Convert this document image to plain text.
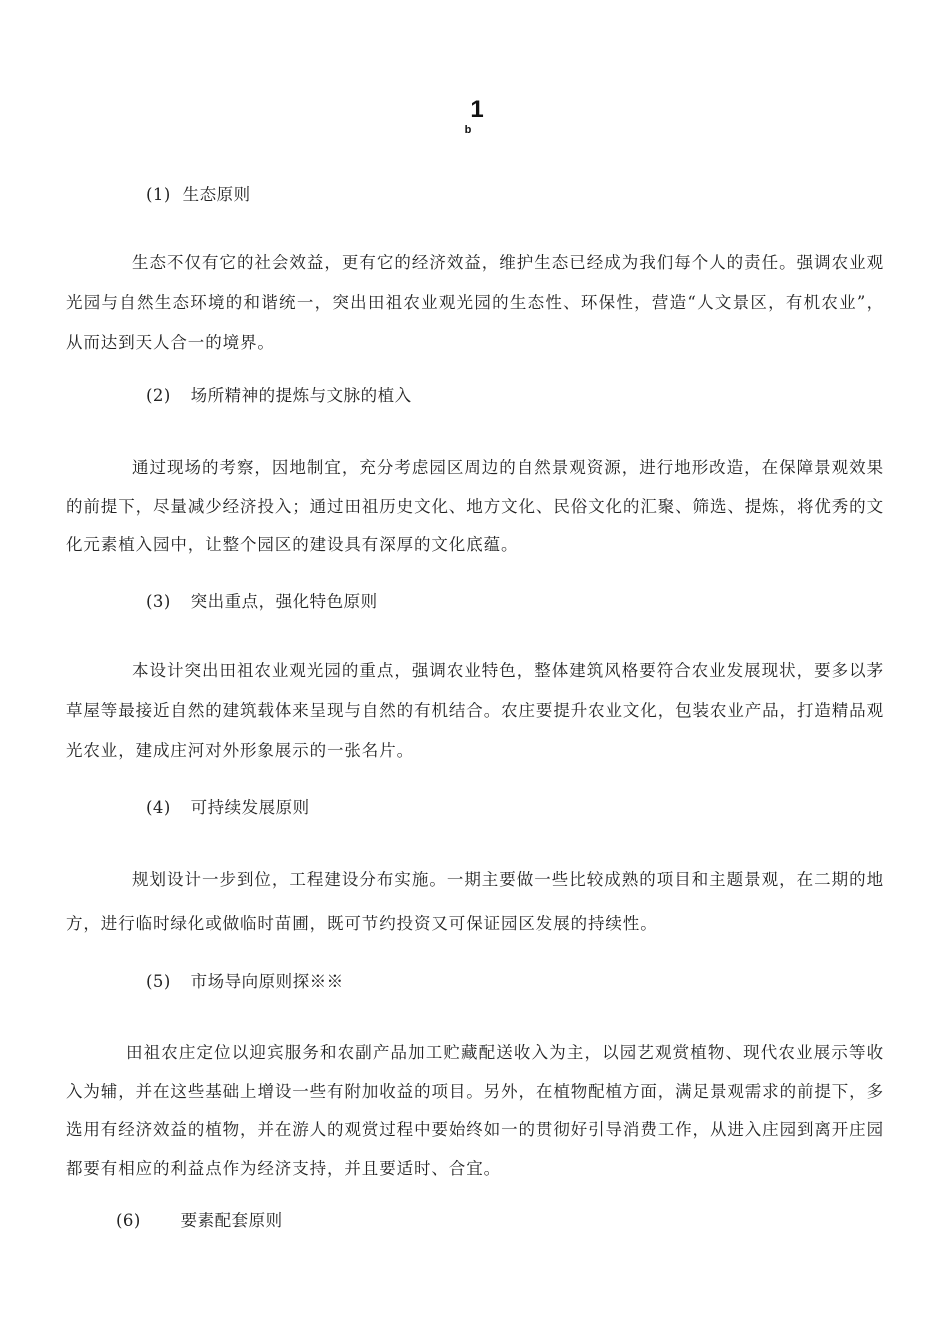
1
b
(1) 生态原则
生态不仅有它的社会效益，更有它的经济效益，维护生态已经成为我们每个人的责任。强调农业观光园与自然生态环境的和谐统一，突出田祖农业观光园的生态性、环保性，营造“人文景区，有机农业”，从而达到天人合一的境界。
(2) 场所精神的提炼与文脉的植入
通过现场的考察，因地制宜，充分考虑园区周边的自然景观资源，进行地形改造，在保障景观效果的前提下，尽量减少经济投入；通过田祖历史文化、地方文化、民俗文化的汇聚、筛选、提炼，将优秀的文化元素植入园中，让整个园区的建设具有深厚的文化底蕴。
(3) 突出重点，强化特色原则
本设计突出田祖农业观光园的重点，强调农业特色，整体建筑风格要符合农业发展现状，要多以茅草屋等最接近自然的建筑载体来呈现与自然的有机结合。农庄要提升农业文化，包装农业产品，打造精品观光农业，建成庄河对外形象展示的一张名片。
(4) 可持续发展原则
规划设计一步到位，工程建设分布实施。一期主要做一些比较成熟的项目和主题景观，在二期的地方，进行临时绿化或做临时苗圃，既可节约投资又可保证园区发展的持续性。
(5) 市场导向原则探※※
田祖农庄定位以迎宾服务和农副产品加工贮藏配送收入为主，以园艺观赏植物、现代农业展示等收入为辅，并在这些基础上增设一些有附加收益的项目。另外，在植物配植方面，满足景观需求的前提下，多选用有经济效益的植物，并在游人的观赏过程中要始终如一的贯彻好引导消费工作，从进入庄园到离开庄园都要有相应的利益点作为经济支持，并且要适时、合宜。
(6) 要素配套原则
